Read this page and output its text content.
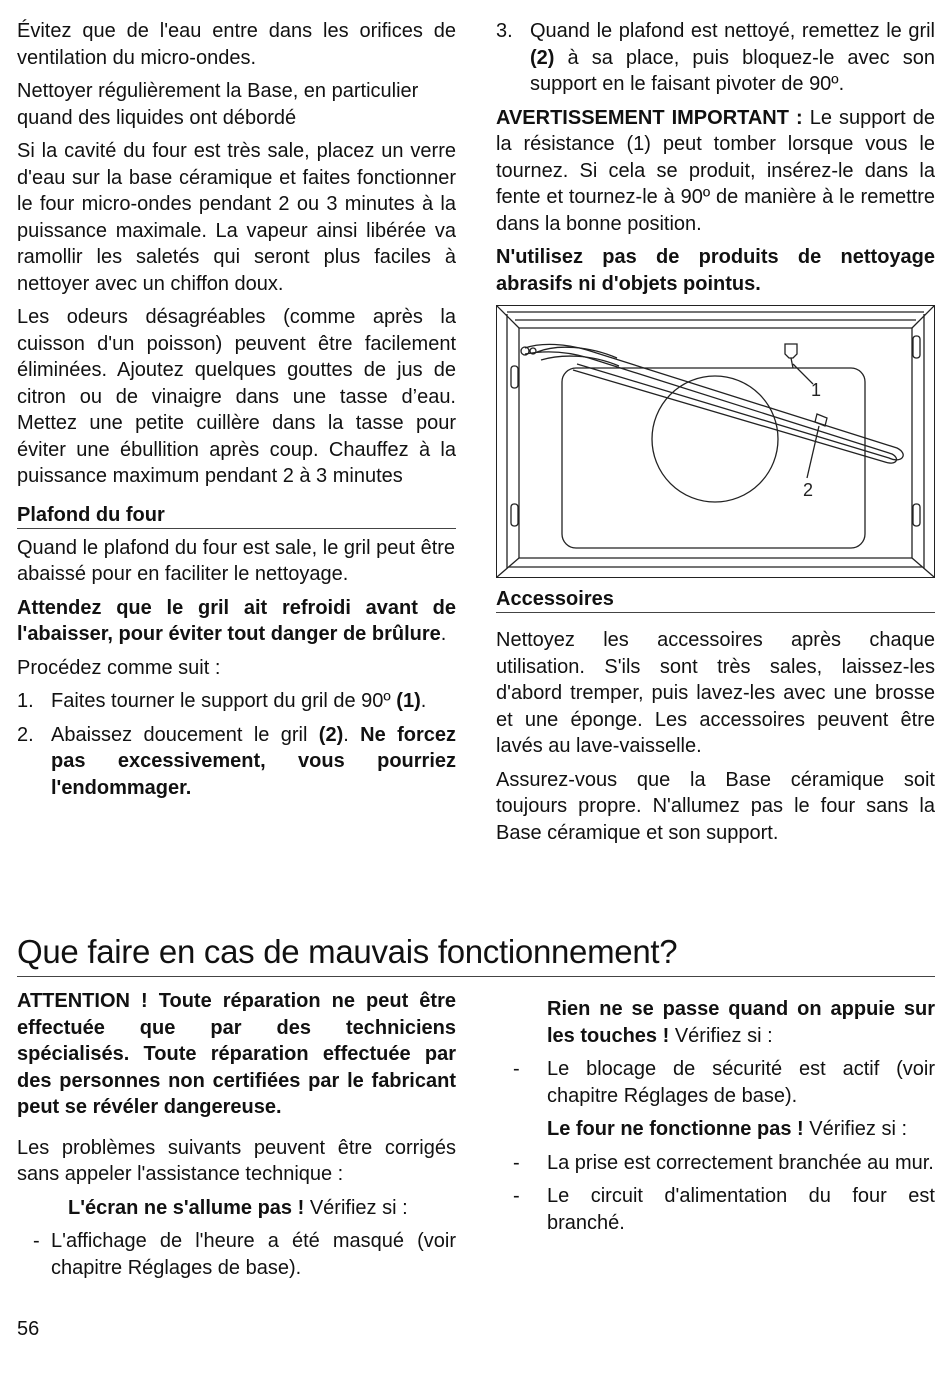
Évitez que de l'eau entre dans les orifices de ventilation du micro-ondes.

Nettoyer régulièrement la Base, en particulier quand des liquides ont débordé

Si la cavité du four est très sale, placez un verre d'eau sur la base céramique et faites fonctionner le four micro-ondes pendant 2 ou 3 minutes à la puissance maximale. La vapeur ainsi libérée va ramollir les saletés qui seront plus faciles à nettoyer avec un chiffon doux.

Les odeurs désagréables (comme après la cuisson d'un poisson) peuvent être facilement éliminées. Ajoutez quelques gouttes de jus de citron ou de vinaigre dans une tasse d’eau. Mettez une petite cuillère dans la tasse pour éviter une ébullition après coup. Chauffez à la puissance maximum pendant 2 à 3 minutes

Plafond du four

Quand le plafond du four est sale, le gril peut être abaissé pour en faciliter le nettoyage.

Attendez que le gril ait refroidi avant de l'abaisser, pour éviter tout danger de brûlure.

Procédez comme suit :

1. Faites tourner le support du gril de 90º (1).
2. Abaissez doucement le gril (2). Ne forcez pas excessivement, vous pourriez l'endommager.
3. Quand le plafond est nettoyé, remettez le gril (2) à sa place, puis bloquez-le avec son support en le faisant pivoter de 90º.

AVERTISSEMENT IMPORTANT : Le support de la résistance (1) peut tomber lorsque vous le tournez. Si cela se produit, insérez-le dans la fente et tournez-le à 90º de manière à le remettre dans la bonne position.

N'utilisez pas de produits de nettoyage abrasifs ni d'objets pointus.

1
2
Accessoires

Nettoyez les accessoires après chaque utilisation. S'ils sont très sales, laissez-les d'abord tremper, puis lavez-les avec une brosse et une éponge. Les accessoires peuvent être lavés au lave-vaisselle.

Assurez-vous que la Base céramique soit toujours propre. N'allumez pas le four sans la Base céramique et son support.

Que faire en cas de mauvais fonctionnement?

ATTENTION ! Toute réparation ne peut être effectuée que par des techniciens spécialisés. Toute réparation effectuée par des personnes non certifiées par le fabricant peut se révéler dangereuse.

Les problèmes suivants peuvent être corrigés sans appeler l'assistance technique :

L'écran ne s'allume pas ! Vérifiez si :

- L'affichage de l'heure a été masqué (voir chapitre Réglages de base).

Rien ne se passe quand on appuie sur les touches ! Vérifiez si :

-	Le blocage de sécurité est actif (voir chapitre Réglages de base).

Le four ne fonctionne pas ! Vérifiez si :

-	La prise est correctement branchée au mur.
-	Le circuit d'alimentation du four est branché.
56
